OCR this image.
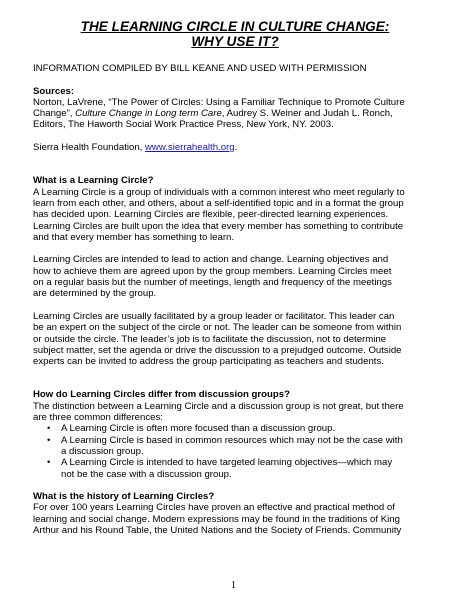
THE LEARNING CIRCLE IN CULTURE CHANGE:

WHY USE IT?

INFORMATION COMPILED BY BILL KEANE AND USED WITH PERMISSION

Sources:

Norton, LaVrene, “The Power of Circles: Using a Familiar Technique to Promote Culture

Change”, Culture Change in Long term Care, Audrey S. Weiner and Judah L. Ronch,

Editors, The Haworth Social Work Practice Press, New York, NY. 2003.

Sierra Health Foundation, www.sierrahealth.org.

What is a Learning Circle?

A Learning Circle is a group of individuals with a common interest who meet regularly to

learn from each other, and others, about a self-identified topic and in a format the group

has decided upon. Learning Circles are flexible, peer-directed learning experiences.

Learning Circles are built upon the idea that every member has something to contribute

and that every member has something to learn.

Learning Circles are intended to lead to action and change. Learning objectives and

how to achieve them are agreed upon by the group members. Learning Circles meet

on a regular basis but the number of meetings, length and frequency of the meetings

are determined by the group.

Learning Circles are usually facilitated by a group leader or facilitator. This leader can

be an expert on the subject of the circle or not. The leader can be someone from within

or outside the circle. The leader’s job is to facilitate the discussion, not to determine

subject matter, set the agenda or drive the discussion to a prejudged outcome. Outside

experts can be invited to address the group participating as teachers and students.

How do Learning Circles differ from discussion groups?

The distinction between a Learning Circle and a discussion group is not great, but there

are three common differences:

• A Learning Circle is often more focused than a discussion group.
• A Learning Circle is based in common resources which may not be the case with
a discussion group.
• A Learning Circle is intended to have targeted learning objectives—which may
not be the case with a discussion group.

What is the history of Learning Circles?

For over 100 years Learning Circles have proven an effective and practical method of

learning and social change. Modern expressions may be found in the traditions of King

Arthur and his Round Table, the United Nations and the Society of Friends. Community

1
